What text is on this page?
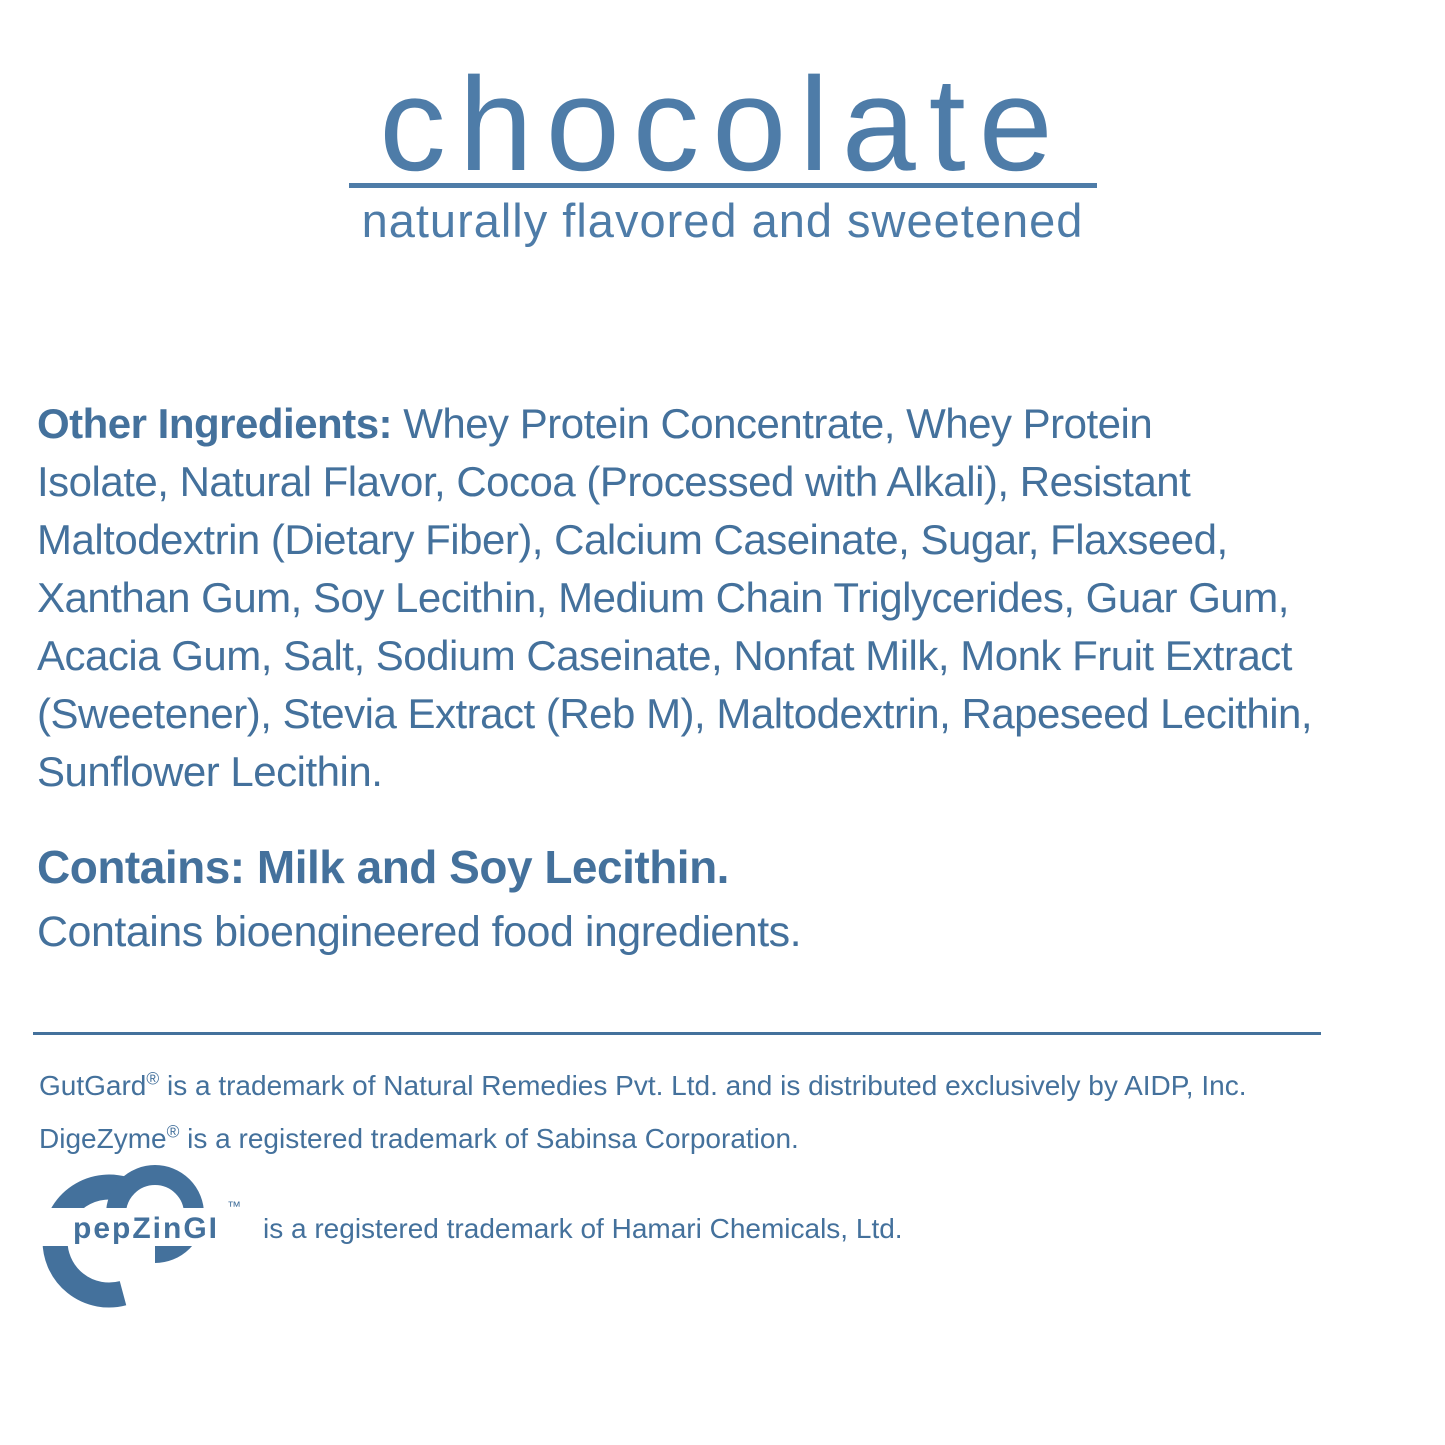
chocolate
naturally flavored and sweetened

Other Ingredients: Whey Protein Concentrate, Whey Protein
Isolate, Natural Flavor, Cocoa (Processed with Alkali), Resistant
Maltodextrin (Dietary Fiber), Calcium Caseinate, Sugar, Flaxseed,
Xanthan Gum, Soy Lecithin, Medium Chain Triglycerides, Guar Gum,
Acacia Gum, Salt, Sodium Caseinate, Nonfat Milk, Monk Fruit Extract
(Sweetener), Stevia Extract (Reb M), Maltodextrin, Rapeseed Lecithin,
Sunflower Lecithin.

Contains: Milk and Soy Lecithin.

Contains bioengineered food ingredients.

GutGard® is a trademark of Natural Remedies Pvt. Ltd. and is distributed exclusively by AIDP, Inc.

DigeZyme® is a registered trademark of Sabinsa Corporation.

pepZinGI
™
is a registered trademark of Hamari Chemicals, Ltd.
